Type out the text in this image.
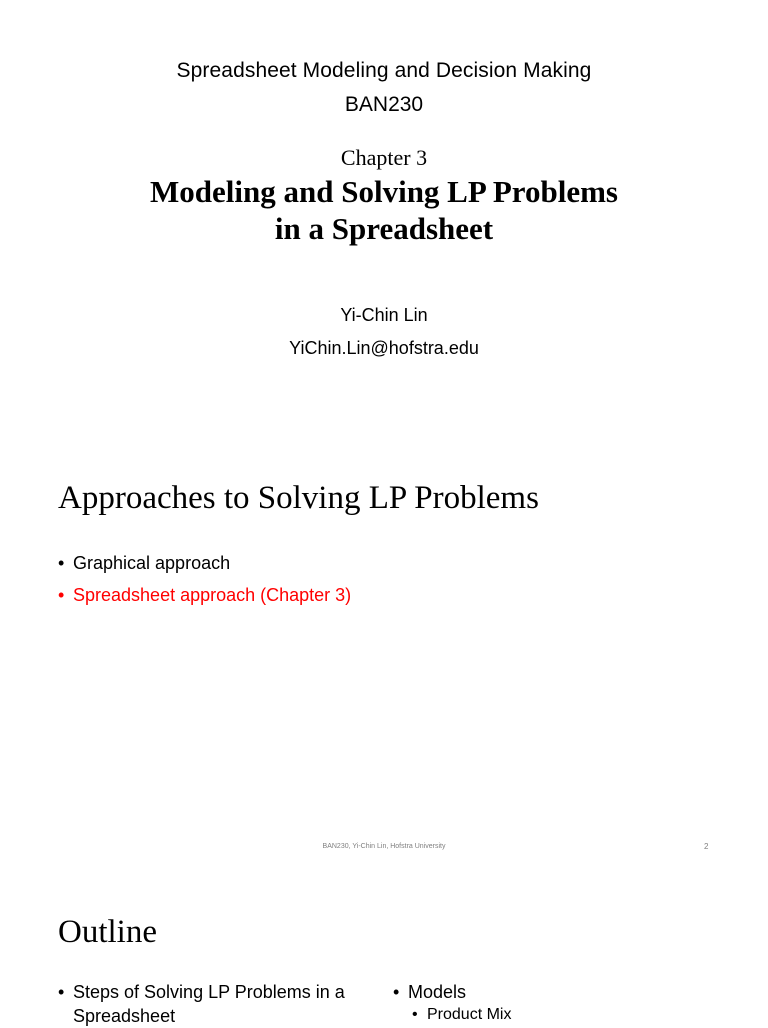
Spreadsheet Modeling and Decision Making
BAN230
Chapter 3
Modeling and Solving LP Problems
in a Spreadsheet
Yi-Chin Lin
YiChin.Lin@hofstra.edu
Approaches to Solving LP Problems
• Graphical approach
• Spreadsheet approach (Chapter 3)
BAN230, Yi-Chin Lin, Hofstra University	2
Outline
• Steps of Solving LP Problems in a Spreadsheet
• Models
• Product Mix
